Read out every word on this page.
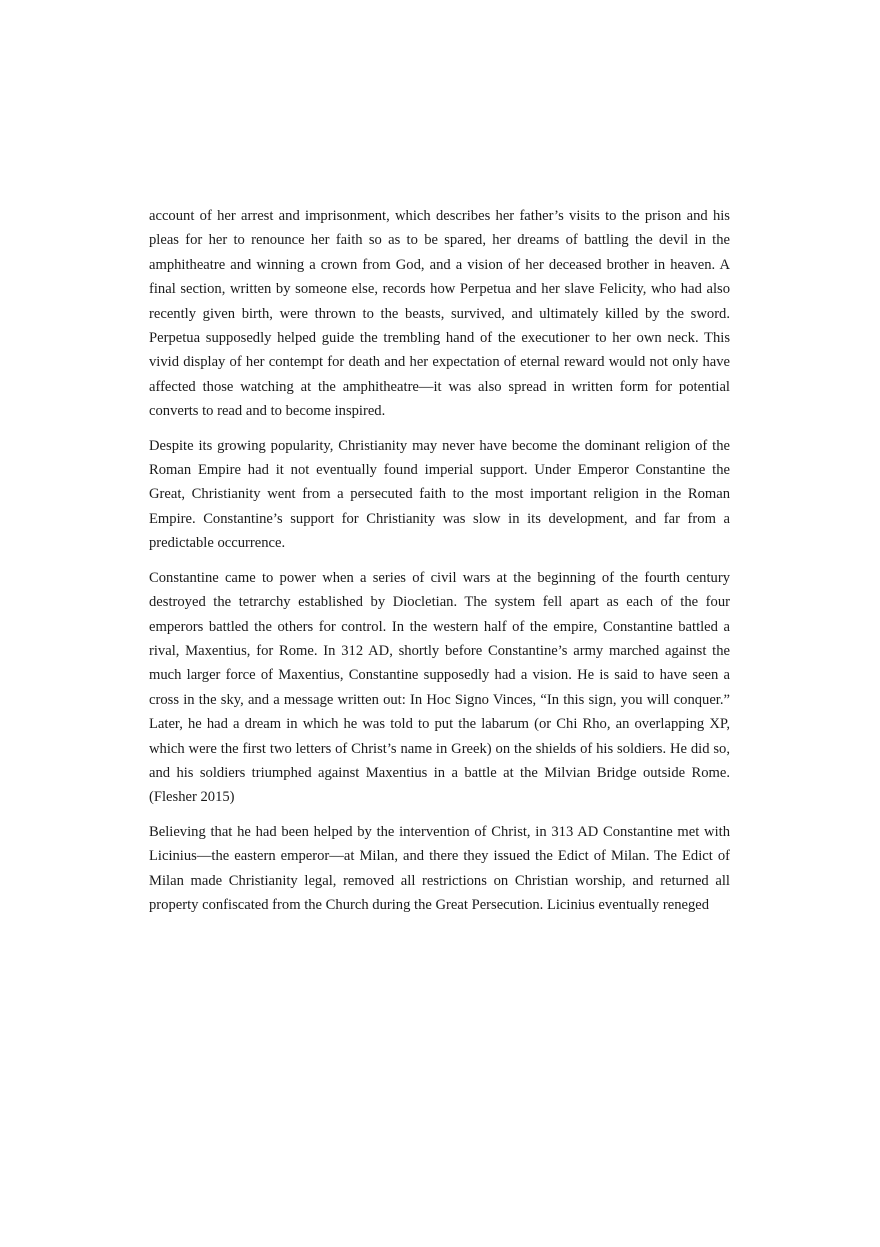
account of her arrest and imprisonment, which describes her father’s visits to the prison and his pleas for her to renounce her faith so as to be spared, her dreams of battling the devil in the amphitheatre and winning a crown from God, and a vision of her deceased brother in heaven. A final section, written by someone else, records how Perpetua and her slave Felicity, who had also recently given birth, were thrown to the beasts, survived, and ultimately killed by the sword. Perpetua supposedly helped guide the trembling hand of the executioner to her own neck. This vivid display of her contempt for death and her expectation of eternal reward would not only have affected those watching at the amphitheatre—it was also spread in written form for potential converts to read and to become inspired.

Despite its growing popularity, Christianity may never have become the dominant religion of the Roman Empire had it not eventually found imperial support. Under Emperor Constantine the Great, Christianity went from a persecuted faith to the most important religion in the Roman Empire. Constantine’s support for Christianity was slow in its development, and far from a predictable occurrence.

Constantine came to power when a series of civil wars at the beginning of the fourth century destroyed the tetrarchy established by Diocletian. The system fell apart as each of the four emperors battled the others for control. In the western half of the empire, Constantine battled a rival, Maxentius, for Rome. In 312 AD, shortly before Constantine’s army marched against the much larger force of Maxentius, Constantine supposedly had a vision. He is said to have seen a cross in the sky, and a message written out: In Hoc Signo Vinces, “In this sign, you will conquer.” Later, he had a dream in which he was told to put the labarum (or Chi Rho, an overlapping XP, which were the first two letters of Christ’s name in Greek) on the shields of his soldiers. He did so, and his soldiers triumphed against Maxentius in a battle at the Milvian Bridge outside Rome. (Flesher 2015)

Believing that he had been helped by the intervention of Christ, in 313 AD Constantine met with Licinius—the eastern emperor—at Milan, and there they issued the Edict of Milan. The Edict of Milan made Christianity legal, removed all restrictions on Christian worship, and returned all property confiscated from the Church during the Great Persecution. Licinius eventually reneged
